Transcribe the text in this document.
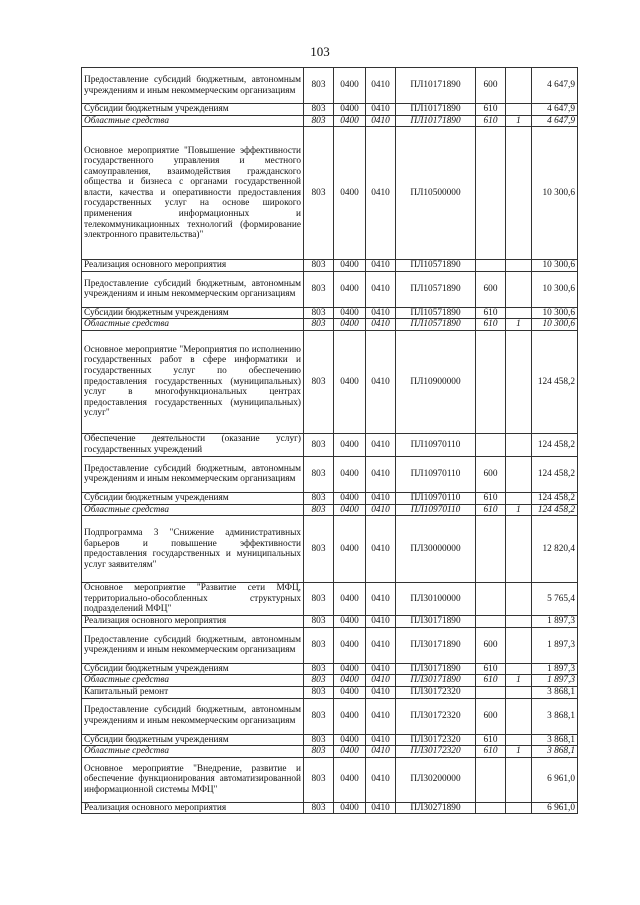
103
Предоставление субсидий бюджетным, автономным учреждениям и иным некоммерческим организациям	803	0400	0410	ПЛ10171890	600		4 647,9
Субсидии бюджетным учреждениям	803	0400	0410	ПЛ10171890	610		4 647,9
Областные средства	803	0400	0410	ПЛ10171890	610	1	4 647,9
Основное мероприятие "Повышение эффективности государственного управления и местного самоуправления, взаимодействия гражданского общества и бизнеса с органами государственной власти, качества и оперативности предоставления государственных услуг на основе широкого применения информационных и телекоммуникационных технологий (формирование электронного правительства)"	803	0400	0410	ПЛ10500000			10 300,6
Реализация основного мероприятия	803	0400	0410	ПЛ10571890			10 300,6
Предоставление субсидий бюджетным, автономным учреждениям и иным некоммерческим организациям	803	0400	0410	ПЛ10571890	600		10 300,6
Субсидии бюджетным учреждениям	803	0400	0410	ПЛ10571890	610		10 300,6
Областные средства	803	0400	0410	ПЛ10571890	610	1	10 300,6
Основное мероприятие "Мероприятия по исполнению государственных работ в сфере информатики и государственных услуг по обеспечению предоставления государственных (муниципальных) услуг в многофункциональных центрах предоставления государственных (муниципальных) услуг"	803	0400	0410	ПЛ10900000			124 458,2
Обеспечение деятельности (оказание услуг) государственных учреждений	803	0400	0410	ПЛ10970110			124 458,2
Предоставление субсидий бюджетным, автономным учреждениям и иным некоммерческим организациям	803	0400	0410	ПЛ10970110	600		124 458,2
Субсидии бюджетным учреждениям	803	0400	0410	ПЛ10970110	610		124 458,2
Областные средства	803	0400	0410	ПЛ10970110	610	1	124 458,2
Подпрограмма 3 "Снижение административных барьеров и повышение эффективности предоставления государственных и муниципальных услуг заявителям"	803	0400	0410	ПЛ30000000			12 820,4
Основное мероприятие "Развитие сети МФЦ, территориально-обособленных структурных подразделений МФЦ"	803	0400	0410	ПЛ30100000			5 765,4
Реализация основного мероприятия	803	0400	0410	ПЛ30171890			1 897,3
Предоставление субсидий бюджетным, автономным учреждениям и иным некоммерческим организациям	803	0400	0410	ПЛ30171890	600		1 897,3
Субсидии бюджетным учреждениям	803	0400	0410	ПЛ30171890	610		1 897,3
Областные средства	803	0400	0410	ПЛ30171890	610	1	1 897,3
Капитальный ремонт	803	0400	0410	ПЛ30172320			3 868,1
Предоставление субсидий бюджетным, автономным учреждениям и иным некоммерческим организациям	803	0400	0410	ПЛ30172320	600		3 868,1
Субсидии бюджетным учреждениям	803	0400	0410	ПЛ30172320	610		3 868,1
Областные средства	803	0400	0410	ПЛ30172320	610	1	3 868,1
Основное мероприятие "Внедрение, развитие и обеспечение функционирования автоматизированной информационной системы МФЦ"	803	0400	0410	ПЛ30200000			6 961,0
Реализация основного мероприятия	803	0400	0410	ПЛ30271890			6 961,0
